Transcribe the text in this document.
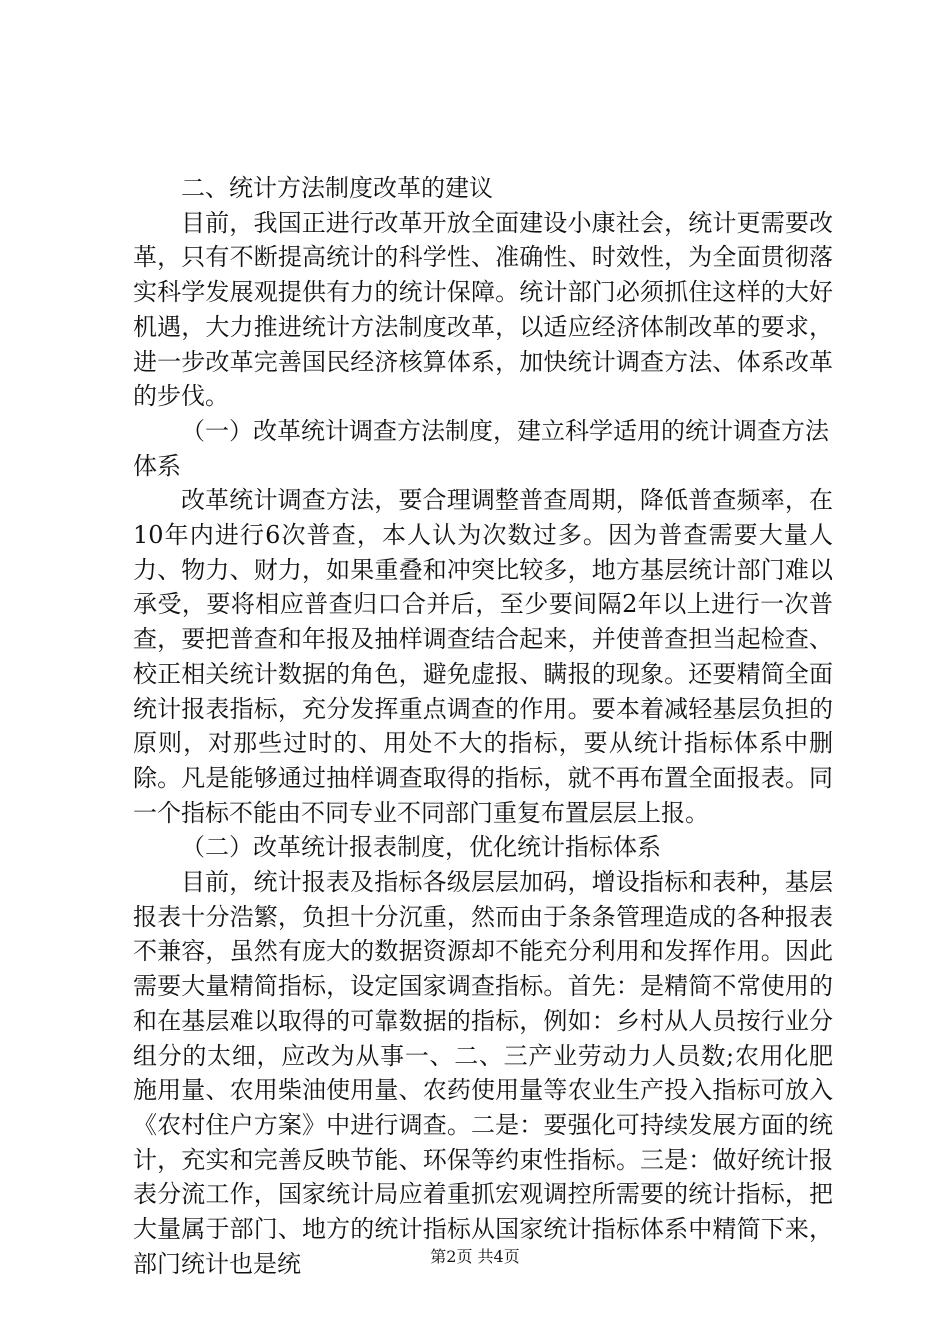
二、统计方法制度改革的建议

目前，我国正进行改革开放全面建设小康社会，统计更需要改革，只有不断提高统计的科学性、准确性、时效性，为全面贯彻落实科学发展观提供有力的统计保障。统计部门必须抓住这样的大好机遇，大力推进统计方法制度改革，以适应经济体制改革的要求，进一步改革完善国民经济核算体系，加快统计调查方法、体系改革的步伐。

（一）改革统计调查方法制度，建立科学适用的统计调查方法体系

改革统计调查方法，要合理调整普查周期，降低普查频率，在10年内进行6次普查，本人认为次数过多。因为普查需要大量人力、物力、财力，如果重叠和冲突比较多，地方基层统计部门难以承受，要将相应普查归口合并后，至少要间隔2年以上进行一次普查，要把普查和年报及抽样调查结合起来，并使普查担当起检查、校正相关统计数据的角色，避免虚报、瞒报的现象。还要精简全面统计报表指标，充分发挥重点调查的作用。要本着减轻基层负担的原则，对那些过时的、用处不大的指标，要从统计指标体系中删除。凡是能够通过抽样调查取得的指标，就不再布置全面报表。同一个指标不能由不同专业不同部门重复布置层层上报。

（二）改革统计报表制度，优化统计指标体系

目前，统计报表及指标各级层层加码，增设指标和表种，基层报表十分浩繁，负担十分沉重，然而由于条条管理造成的各种报表不兼容，虽然有庞大的数据资源却不能充分利用和发挥作用。因此需要大量精简指标，设定国家调查指标。首先：是精简不常使用的和在基层难以取得的可靠数据的指标，例如：乡村从人员按行业分组分的太细，应改为从事一、二、三产业劳动力人员数;农用化肥施用量、农用柴油使用量、农药使用量等农业生产投入指标可放入《农村住户方案》中进行调查。二是：要强化可持续发展方面的统计，充实和完善反映节能、环保等约束性指标。三是：做好统计报表分流工作，国家统计局应着重抓宏观调控所需要的统计指标，把大量属于部门、地方的统计指标从国家统计指标体系中精简下来，部门统计也是统	第2页 共4页
